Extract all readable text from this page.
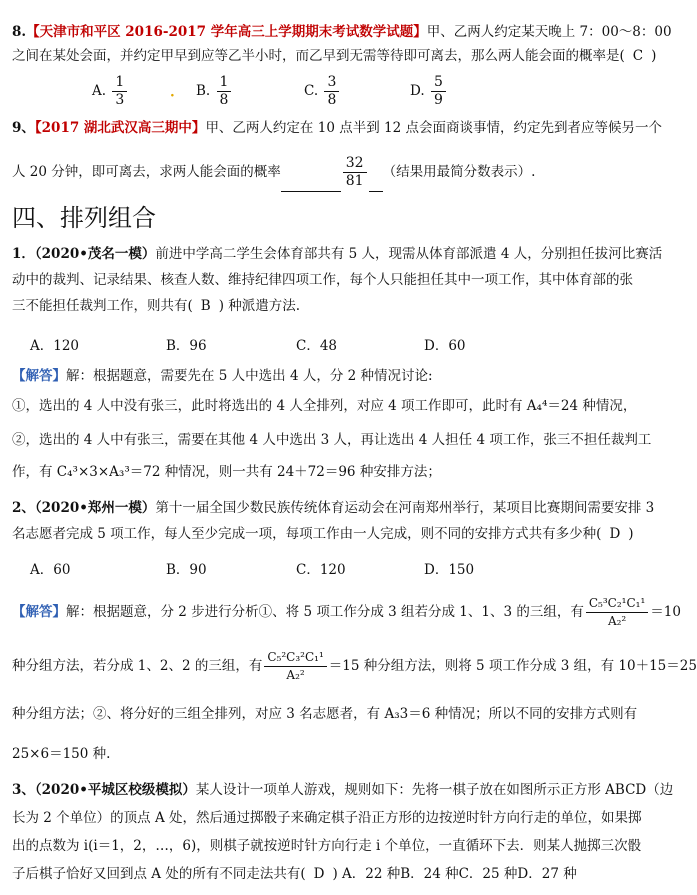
8.【天津市和平区 2016-2017 学年高三上学期期末考试数学试题】甲、乙两人约定某天晚上 7：00～8：00
之间在某处会面，并约定甲早到应等乙半小时，而乙早到无需等待即可离去，那么两人能会面的概率是( C )
A. $\frac{1}{3}$	· B. $\frac{1}{8}$	C. $\frac{3}{8}$	D. $\frac{5}{9}$
9、【2017 湖北武汉高三期中】甲、乙两人约定在 10 点半到 12 点会面商谈事情，约定先到者应等候另一个
人 20 分钟，即可离去，求两人能会面的概率	$\frac{32}{81}$ （结果用最简分数表示）.
四、排列组合
1．（2020•茂名一模）前进中学高二学生会体育部共有 5 人，现需从体育部派遣 4 人，分别担任拔河比赛活
动中的裁判、记录结果、核查人数、维持纪律四项工作，每个人只能担任其中一项工作，其中体育部的张
三不能担任裁判工作，则共有( B ) 种派遣方法.
A．120	B．96	C．48	D．60
【解答】解：根据题意，需要先在 5 人中选出 4 人，分 2 种情况讨论:
①，选出的 4 人中没有张三，此时将选出的 4 人全排列，对应 4 项工作即可，此时有 A₄⁴＝24 种情况，
②，选出的 4 人中有张三，需要在其他 4 人中选出 3 人，再让选出 4 人担任 4 项工作，张三不担任裁判工
作，有 C₄³×3×A₃³＝72 种情况，则一共有 24＋72＝96 种安排方法；
2、（2020•郑州一模）第十一届全国少数民族传统体育运动会在河南郑州举行，某项目比赛期间需要安排 3
名志愿者完成 5 项工作，每人至少完成一项，每项工作由一人完成，则不同的安排方式共有多少种( D )
A．60	B．90	C．120	D．150
【解答】解：根据题意，分 2 步进行分析①、将 5 项工作分成 3 组若分成 1、1、3 的三组，有 $\frac{\text{C₅³C₂¹C₁¹}}{\text{A₂²}} =10$
种分组方法，若分成 1、2、2 的三组，有 $\frac{\text{C₅²C₃²C₁¹}}{\text{A₂²}} =15$ 种分组方法，则将 5 项工作分成 3 组，有 10＋15＝25
种分组方法；②、将分好的三组全排列，对应 3 名志愿者，有 A₃3＝6 种情况；所以不同的安排方式则有
25×6＝150 种.
3、（2020•平城区校级模拟）某人设计一项单人游戏，规则如下：先将一棋子放在如图所示正方形 ABCD（边
长为 2 个单位）的顶点 A 处，然后通过掷骰子来确定棋子沿正方形的边按逆时针方向行走的单位，如果掷
出的点数为 i(i＝1，2，…，6)，则棋子就按逆时针方向行走 i 个单位，一直循环下去．则某人抛掷三次骰
子后棋子恰好又回到点 A 处的所有不同走法共有( D ) A．22 种B．24 种C．25 种D．27 种
